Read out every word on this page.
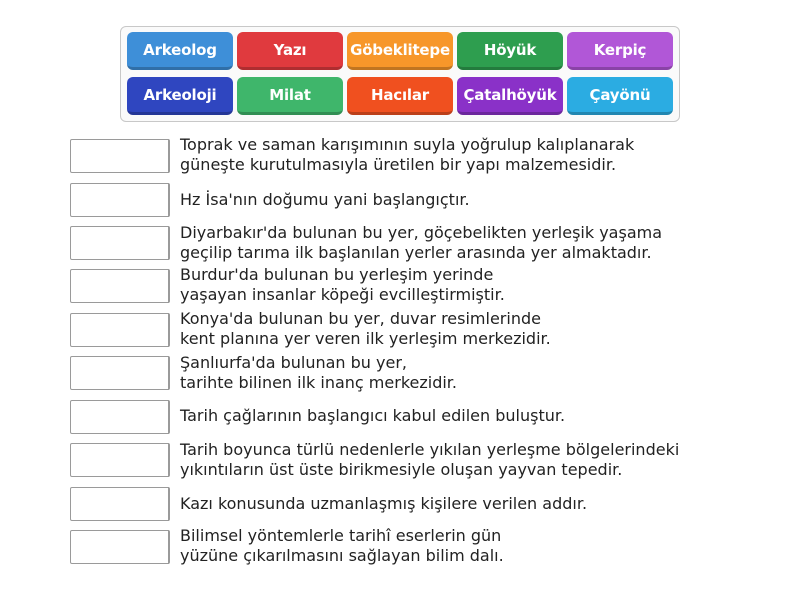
Arkeolog	Yazı	Göbeklitepe	Höyük	Kerpiç
Arkeoloji	Milat	Hacılar	Çatalhöyük	Çayönü
Toprak ve saman karışımının suyla yoğrulup kalıplanarak
güneşte kurutulmasıyla üretilen bir yapı malzemesidir.
Hz İsa'nın doğumu yani başlangıçtır.
Diyarbakır'da bulunan bu yer, göçebelikten yerleşik yaşama
geçilip tarıma ilk başlanılan yerler arasında yer almaktadır.
Burdur'da bulunan bu yerleşim yerinde
yaşayan insanlar köpeği evcilleştirmiştir.
Konya'da bulunan bu yer, duvar resimlerinde
kent planına yer veren ilk yerleşim merkezidir.
Şanlıurfa'da bulunan bu yer,
tarihte bilinen ilk inanç merkezidir.
Tarih çağlarının başlangıcı kabul edilen buluştur.
Tarih boyunca türlü nedenlerle yıkılan yerleşme bölgelerindeki
yıkıntıların üst üste birikmesiyle oluşan yayvan tepedir.
Kazı konusunda uzmanlaşmış kişilere verilen addır.
Bilimsel yöntemlerle tarihî eserlerin gün
yüzüne çıkarılmasını sağlayan bilim dalı.
